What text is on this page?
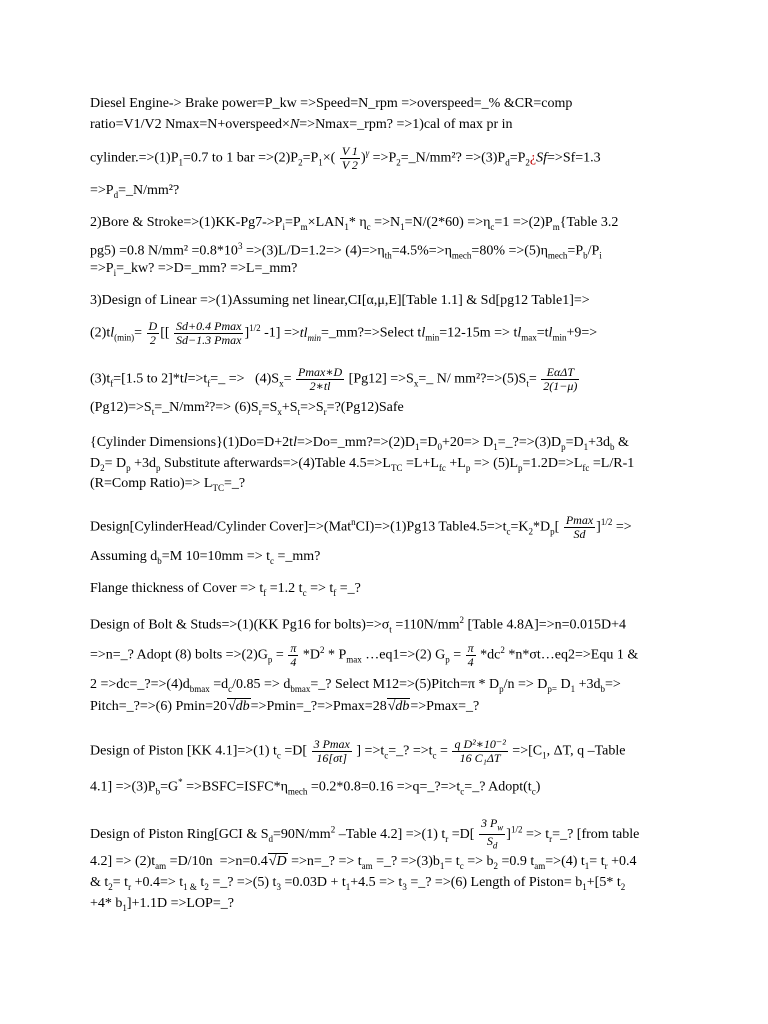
Diesel Engine-> Brake power=P_kw =>Speed=N_rpm =>overspeed=_% &CR=comp
ratio=V1/V2 Nmax=N+overspeed×N=>Nmax=_rpm? =>1)cal of max pr in
$cylinder.=>(1)P_1=0.7$ to 1 bar $=>(2)P_2=P_1\times( \frac{V 1}{V 2} )^\gamma$ $=>P_2=\_N$/mm²? $=>(3)P_d=P_2¿Sf=>Sf=1.3$
$=>P_d=\_N$/mm²?
2)Bore & $Stroke=>(1)KK-Pg7->P_i=P_m\times LAN_1*$ $\eta_c =>N_1=N/(2*60) =>\eta_c=1$ $=>(2)P_m\{Table$ 3.2
pg5) =0.8 $N/mm^2 =0.8*10^3 =>(3)L/D=1.2=> (4)=>\eta_{th}=4.5\%=>\eta_{mech}=80\% =>(5)\eta_{mech}=P_b/P_i$
$=>P_i=\_kw$? =>D=_mm? =>L=_mm?
3)Design of Linear =>(1)Assuming net linear,CI[α,μ,E][Table 1.1] & Sd[pg12 Table1]=>
$(2)tl_{(min)}= \frac{D}{2}$ [[ $\frac{Sd+0.4 Pmax}{Sd-1.3 Pmax} ]^{1/2}$ $-1] =>tl_{min}=\_mm?=>Select$ $tl_{min}=12-15m => tl_{max}=tl_{min}+9=>$
$(3)t_f=[1.5$ to $2]*tl=>t_f=\_ => (4)S_x= \frac{Pmax∗D}{2∗tl} [Pg12]$ $=>S_x=\_$ N/ $mm^2?=>(5)S_t= \frac{\text{EαΔT}}{2(1-\mu)}$
$(Pg12)=>S_t=\_N/mm^2?=>$ $(6)S_r=S_x+S_t=>S_r=?(Pg12)Safe$
{Cylinder $Dimensions\}(1)Do=D+2tl=>Do=\_mm?=>(2)D_1=D_0+20=>$ $D_1=\_?=>(3)D_p=D_1+3d_b$ &
$D_2= D_p +3d_p$ Substitute afterwards=>(4)Table $4.5=>L_{TC} =L+L_{fc} +L_p => (5)L_p=1.2D=>L_{fc} =L/R-1$
(R=Comp Ratio)=> $L_{TC}=\_$?
Design[CylinderHead/Cylinder Cover]=>(Mat$^n$CI)=>(1)Pg13 $Table4.5=>t_c=K_2*D_p[ \frac{Pmax}{Sd} ]^{1/2}$ =>
Assuming $d_b=M$ $10=10mm => t_c$ =_mm?
Flange thickness of Cover => $t_f =1.2$ $t_c => t_f$ =_?
Design of Bolt & Studs=>(1)(KK Pg16 for $bolts)=>\sigma_t =110N/mm^2$ [Table 4.8A]=>n=0.015D+4
=>n=_? Adopt (8) bolts $=>(2)G_p = \frac{\pi}{4} *D^2 * P_{max}$ …eq1=>(2) $G_p = \frac{\pi}{4} *dc^2$ *n*σt…eq2=>Equ 1 &
$2 =>dc=\_?=>(4)d_{bmax} =d_c/0.85$ => $d_{bmax}=\_$? Select M12=>(5)Pitch=π * $D_p/n => D_{p=}$ $D_1 +3d_b=>$
Pitch=_?=>(6) Pmin=20√db=>Pmin=_?=>Pmax=28√db=>Pmax=_?
Design of Piston [KK 4.1]=>(1) $t_c =D[ \frac{3 Pmax}{16[\sigma t]}$ ] $=>t_c=\_$? $=>t_c = \frac{\text{q D²∗10⁻²}}{\text{16 C₁ΔT}} =>[C_1$, ΔT, q –Table
$4.1] =>(3)P_b=G^*$ $=>BSFC=ISFC*\eta_{mech} =0.2*0.8=0.16$ $=>q=\_?=>t_c=\_$? $Adopt(t_c)$
Design of Piston Ring[GCI & $S_d=90N/mm^2$ –Table 4.2] =>(1) $t_r =D[ \frac{3 P_w}{S_d} ]^{1/2}$ => $t_r=\_$? [from table
$4.2] => (2)t_{am} =D/10n =>n=0.4√D$ =>n=_? => $t_{am}$ =_? $=>(3)b_1= t_c => b_2 =0.9$ $t_{am}=>(4)$ $t_1= t_r +0.4$
& $t_2= t_r +0.4=> t_{1 \&}$ $t_2$ =_? =>(5) $t_3 =0.03D + t_1+4.5 => t_3$ =_? =>(6) Length of Piston= $b_1+[5*$ $t_2$
+4* $b_1]+1.1D$ =>LOP=_?
